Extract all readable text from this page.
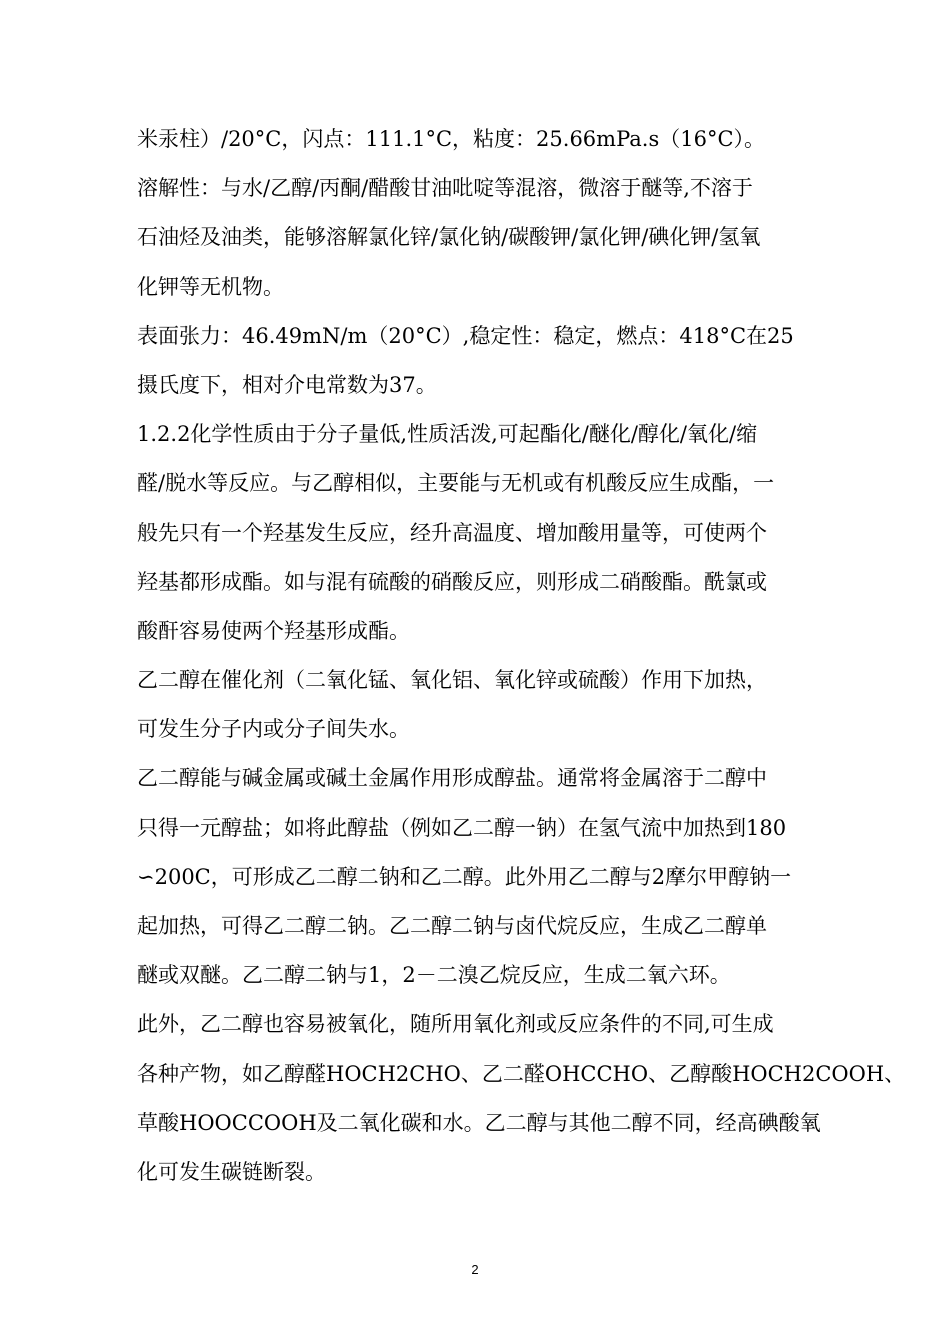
米汞柱）/20°C，闪点：111.1°C，粘度：25.66mPa.s（16°C）。
溶解性：与水/乙醇/丙酮/醋酸甘油吡啶等混溶，微溶于醚等,不溶于
石油烃及油类，能够溶解氯化锌/氯化钠/碳酸钾/氯化钾/碘化钾/氢氧
化钾等无机物。
表面张力：46.49mN/m（20°C）,稳定性：稳定，燃点：418°C在25
摄氏度下，相对介电常数为37。
1.2.2化学性质由于分子量低,性质活泼,可起酯化/醚化/醇化/氧化/缩
醛/脱水等反应。与乙醇相似，主要能与无机或有机酸反应生成酯，一
般先只有一个羟基发生反应，经升高温度、增加酸用量等，可使两个
羟基都形成酯。如与混有硫酸的硝酸反应，则形成二硝酸酯。酰氯或
酸酐容易使两个羟基形成酯。
乙二醇在催化剂（二氧化锰、氧化铝、氧化锌或硫酸）作用下加热，
可发生分子内或分子间失水。
乙二醇能与碱金属或碱土金属作用形成醇盐。通常将金属溶于二醇中
只得一元醇盐；如将此醇盐（例如乙二醇一钠）在氢气流中加热到180
∽200C，可形成乙二醇二钠和乙二醇。此外用乙二醇与2摩尔甲醇钠一
起加热，可得乙二醇二钠。乙二醇二钠与卤代烷反应，生成乙二醇单
醚或双醚。乙二醇二钠与1，2－二溴乙烷反应，生成二氧六环。
此外，乙二醇也容易被氧化，随所用氧化剂或反应条件的不同,可生成
各种产物，如乙醇醛HOCH2CHO、乙二醛OHCCHO、乙醇酸HOCH2COOH、
草酸HOOCCOOH及二氧化碳和水。乙二醇与其他二醇不同，经高碘酸氧
化可发生碳链断裂。
2
